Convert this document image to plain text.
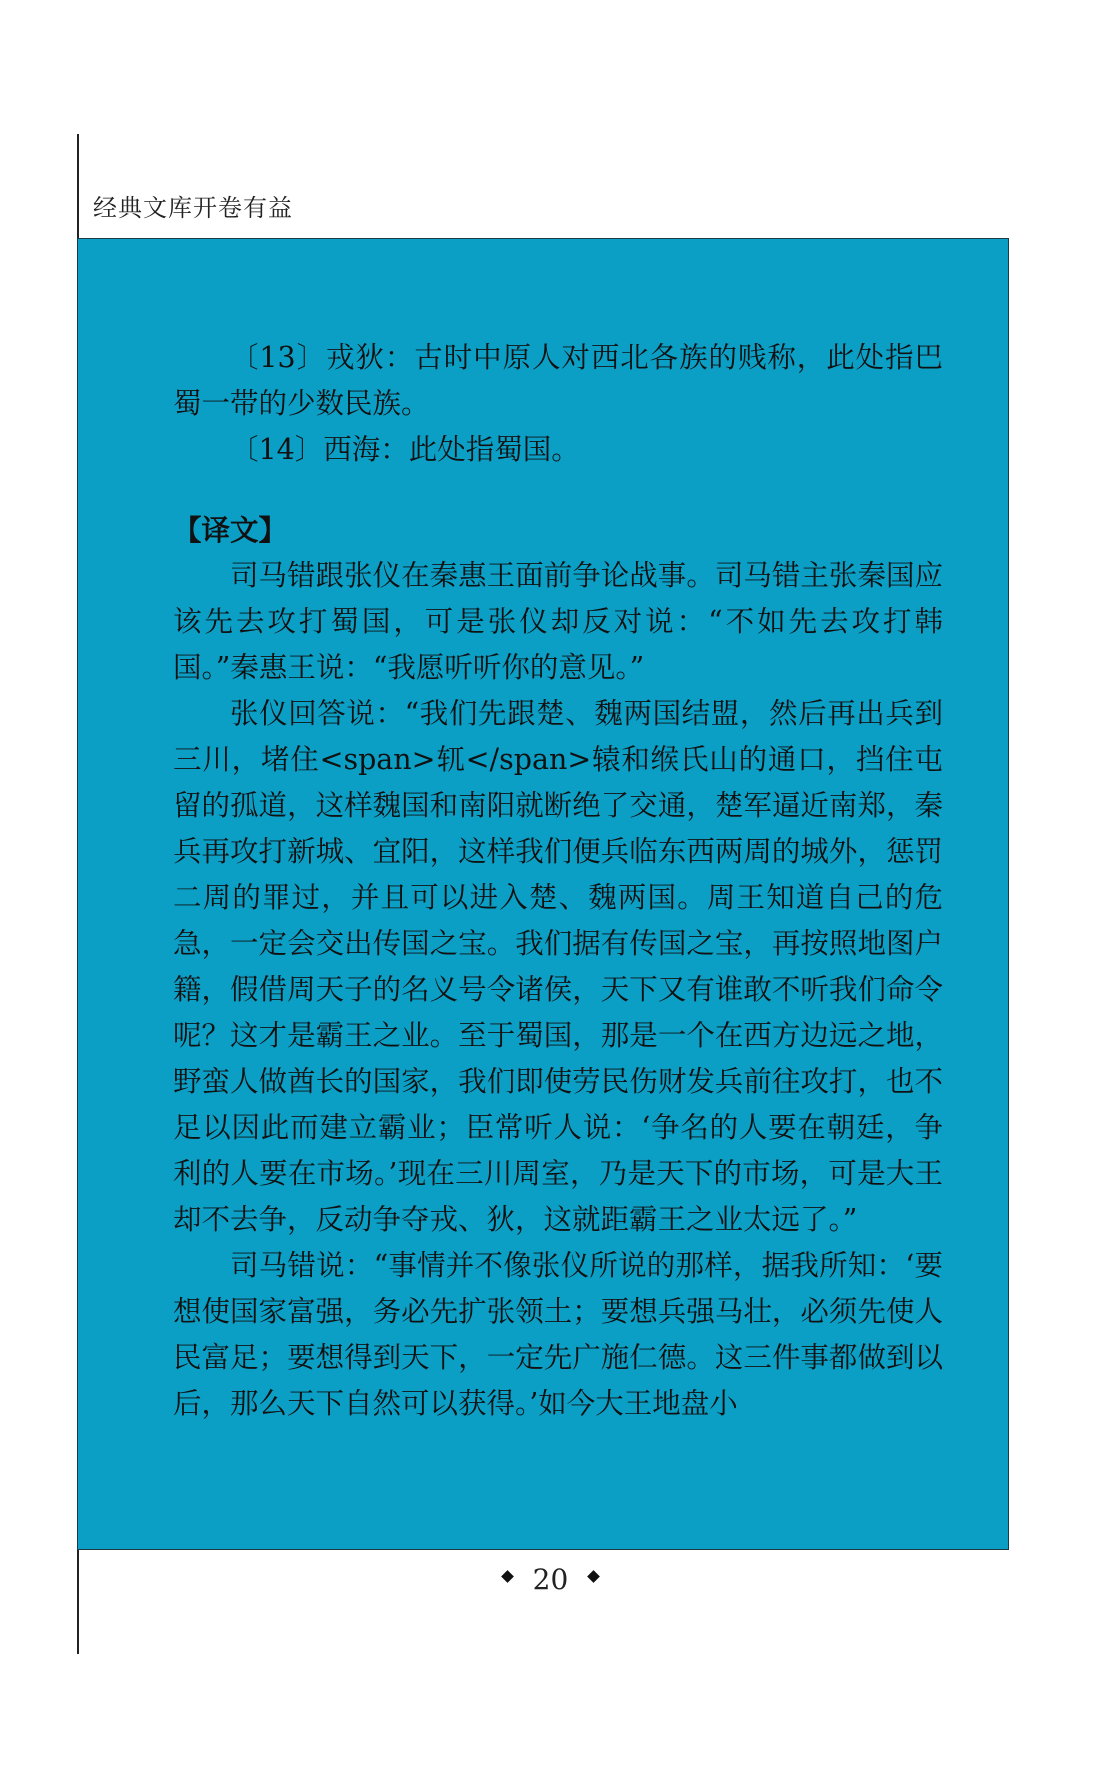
经典文库开卷有益

〔13〕戎狄：古时中原人对西北各族的贱称，此处指巴蜀一带的少数民族。

〔14〕西海：此处指蜀国。

【译文】

司马错跟张仪在秦惠王面前争论战事。司马错主张秦国应该先去攻打蜀国，可是张仪却反对说：“不如先去攻打韩国。”秦惠王说：“我愿听听你的意见。”

张仪回答说：“我们先跟楚、魏两国结盟，然后再出兵到三川，堵住<span>𫐄</span>辕和缑氏山的通口，挡住屯留的孤道，这样魏国和南阳就断绝了交通，楚军逼近南郑，秦兵再攻打新城、宜阳，这样我们便兵临东西两周的城外，惩罚二周的罪过，并且可以进入楚、魏两国。周王知道自己的危急，一定会交出传国之宝。我们据有传国之宝，再按照地图户籍，假借周天子的名义号令诸侯，天下又有谁敢不听我们命令呢？这才是霸王之业。至于蜀国，那是一个在西方边远之地，野蛮人做酋长的国家，我们即使劳民伤财发兵前往攻打，也不足以因此而建立霸业；臣常听人说：‘争名的人要在朝廷，争利的人要在市场。’现在三川周室，乃是天下的市场，可是大王却不去争，反动争夺戎、狄，这就距霸王之业太远了。”

司马错说：“事情并不像张仪所说的那样，据我所知：‘要想使国家富强，务必先扩张领土；要想兵强马壮，必须先使人民富足；要想得到天下，一定先广施仁德。这三件事都做到以后，那么天下自然可以获得。’如今大王地盘小

20
